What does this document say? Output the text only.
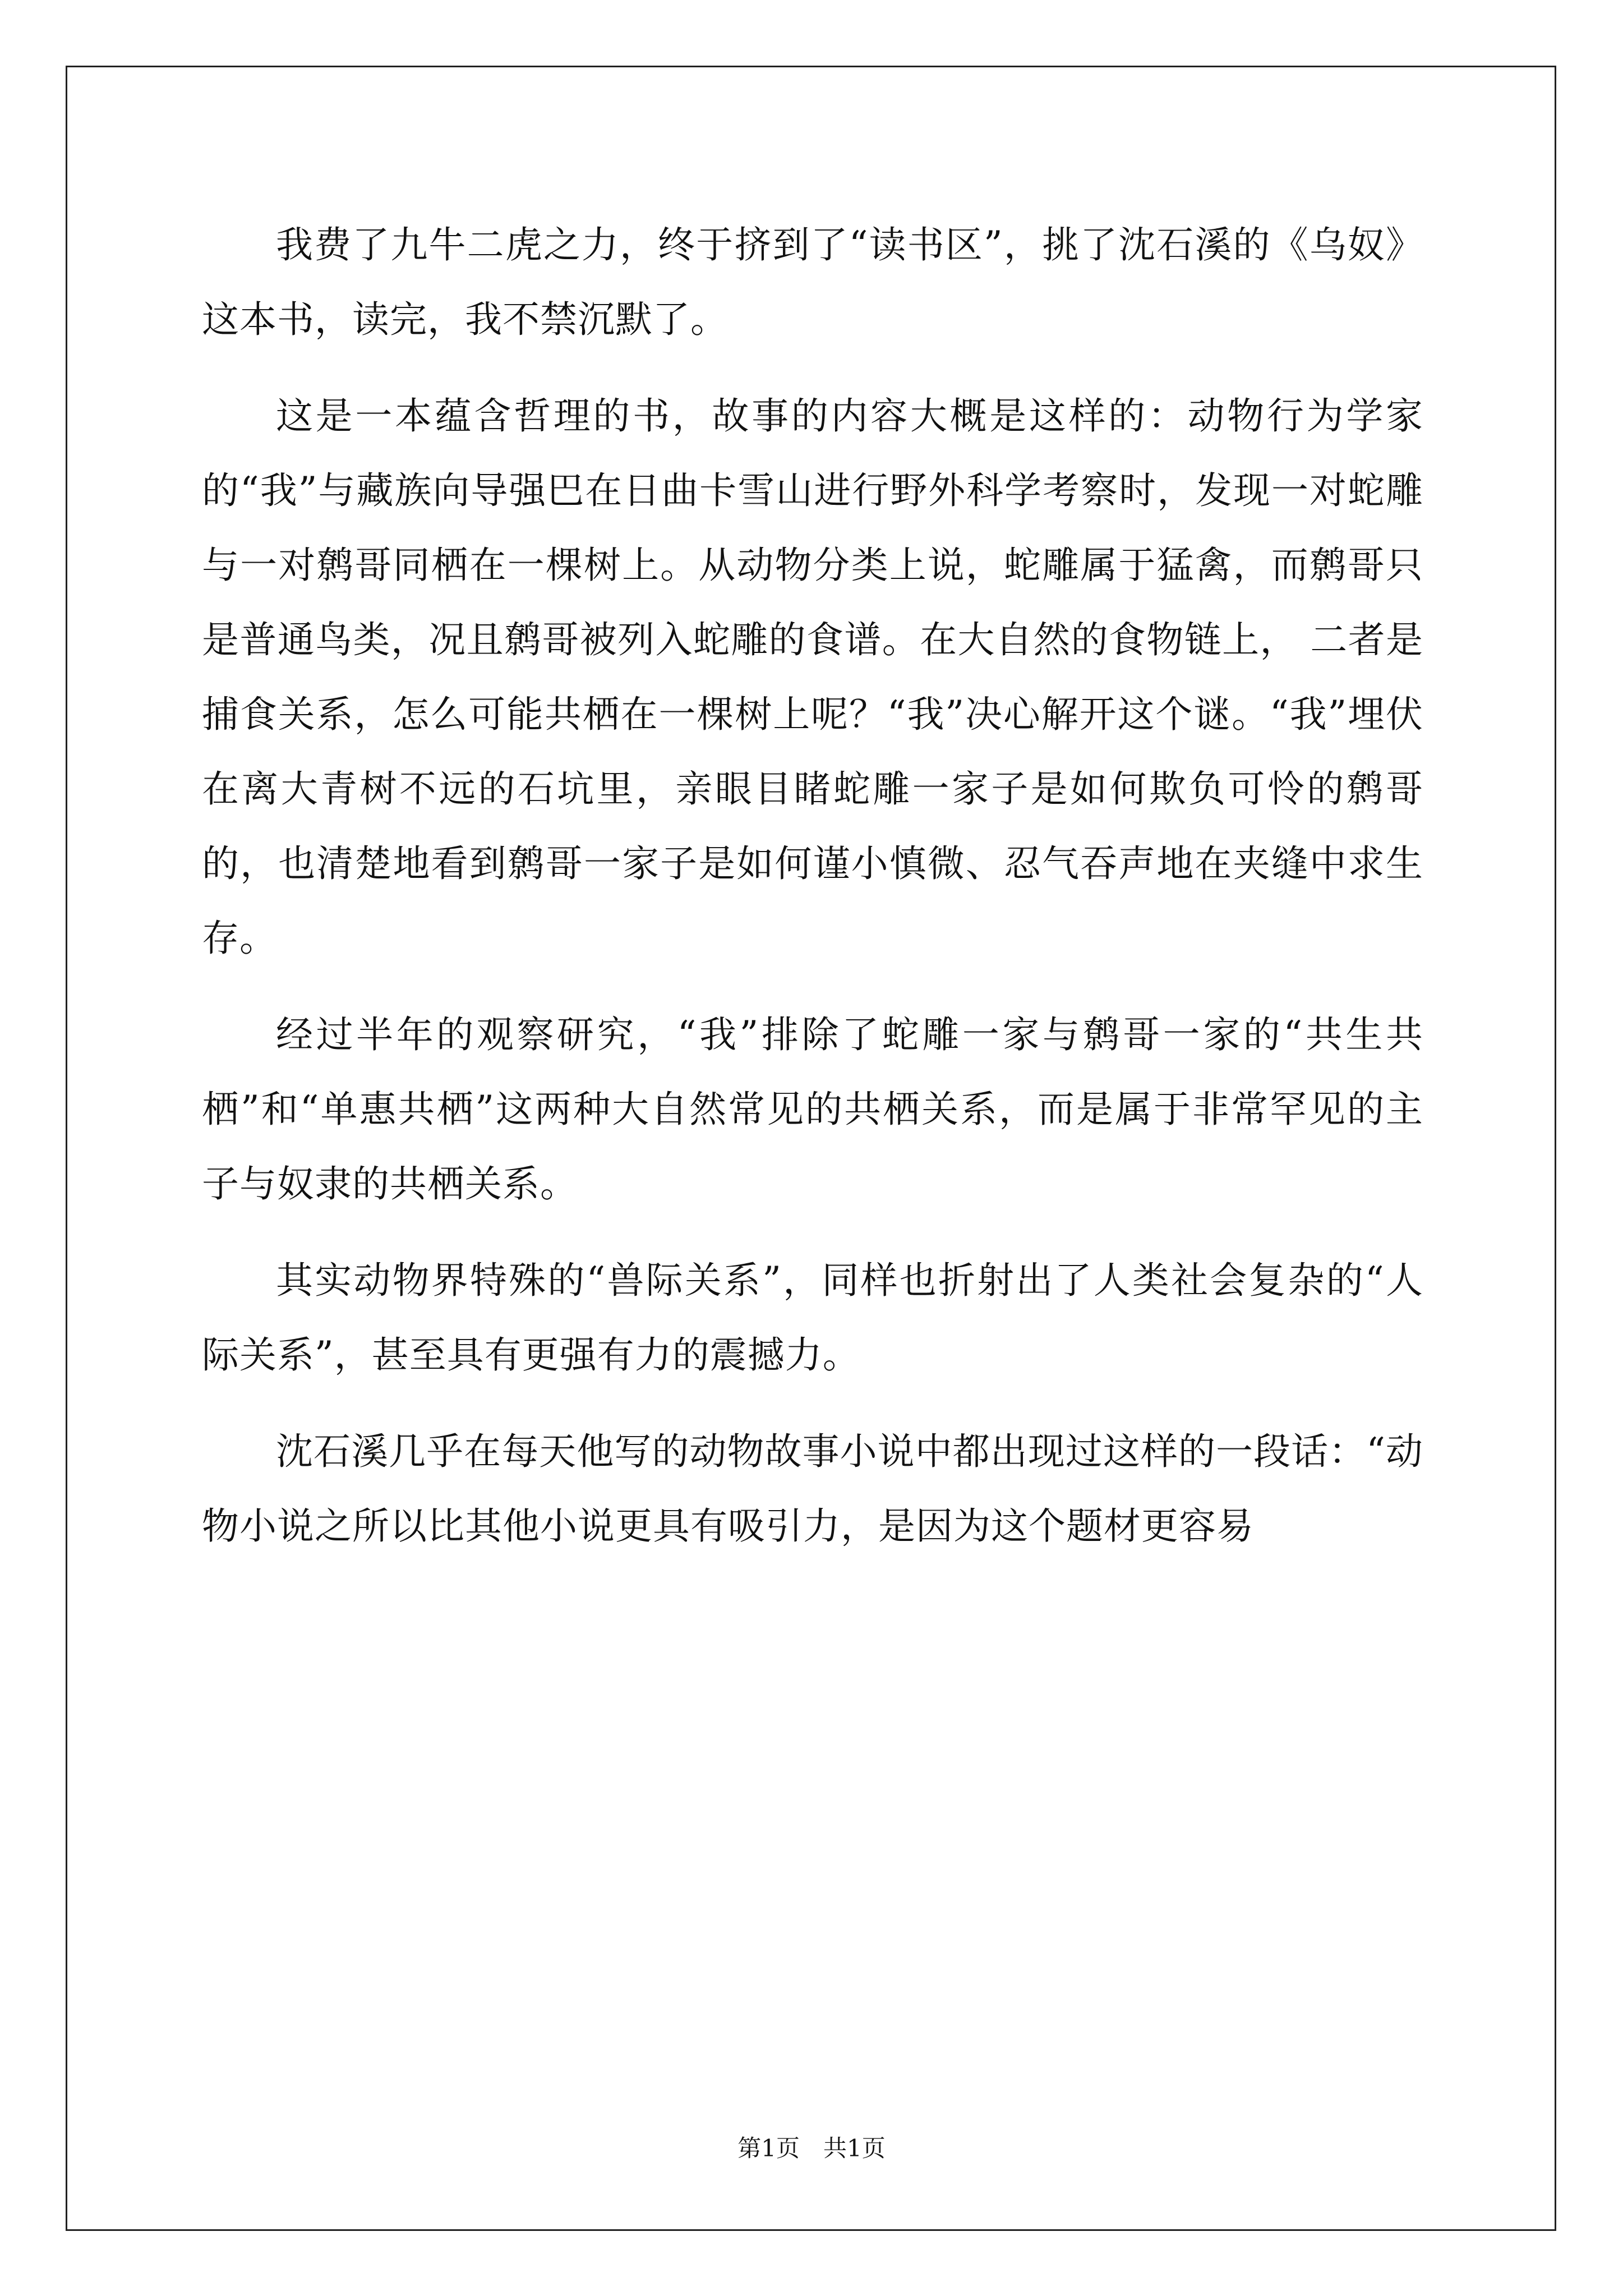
我费了九牛二虎之力，终于挤到了“读书区”，挑了沈石溪的《乌奴》这本书，读完，我不禁沉默了。

这是一本蕴含哲理的书，故事的内容大概是这样的：动物行为学家的“我”与藏族向导强巴在日曲卡雪山进行野外科学考察时，发现一对蛇雕与一对鹩哥同栖在一棵树上。从动物分类上说，蛇雕属于猛禽，而鹩哥只是普通鸟类，况且鹩哥被列入蛇雕的食谱。在大自然的食物链上， 二者是捕食关系，怎么可能共栖在一棵树上呢？“我”决心解开这个谜。“我”埋伏在离大青树不远的石坑里，亲眼目睹蛇雕一家子是如何欺负可怜的鹩哥的，也清楚地看到鹩哥一家子是如何谨小慎微、忍气吞声地在夹缝中求生存。

经过半年的观察研究，“我”排除了蛇雕一家与鹩哥一家的“共生共栖”和“单惠共栖”这两种大自然常见的共栖关系，而是属于非常罕见的主子与奴隶的共栖关系。

其实动物界特殊的“兽际关系”，同样也折射出了人类社会复杂的“人际关系”，甚至具有更强有力的震撼力。

沈石溪几乎在每天他写的动物故事小说中都出现过这样的一段话：“动物小说之所以比其他小说更具有吸引力，是因为这个题材更容易

第1页　共1页
